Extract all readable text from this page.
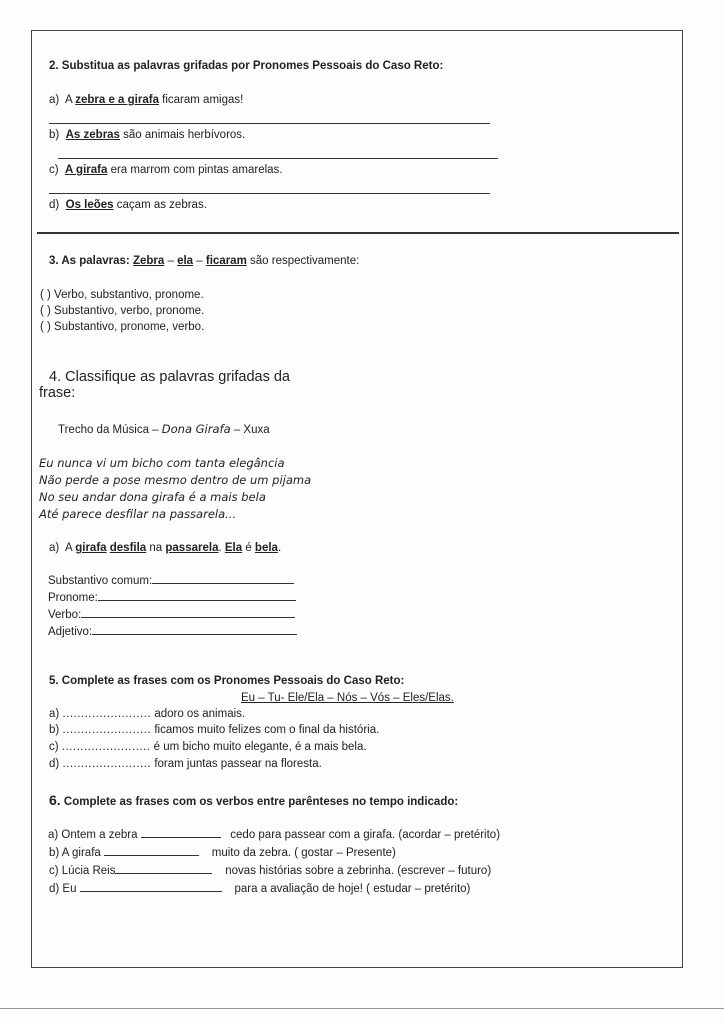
2. Substitua as palavras grifadas por Pronomes Pessoais do Caso Reto:
a) A zebra e a girafa ficaram amigas!
b) As zebras são animais herbívoros.
c) A girafa era marrom com pintas amarelas.
d) Os leões caçam as zebras.
3. As palavras: Zebra – ela – ficaram são respectivamente:
( ) Verbo, substantivo, pronome.
( ) Substantivo, verbo, pronome.
( ) Substantivo, pronome, verbo.
4. Classifique as palavras grifadas da
frase:
Trecho da Música – Dona Girafa – Xuxa
Eu nunca vi um bicho com tanta elegância
Não perde a pose mesmo dentro de um pijama
No seu andar dona girafa é a mais bela
Até parece desfilar na passarela...
a) A girafa desfila na passarela. Ela é bela.
Substantivo comum:
Pronome:
Verbo:
Adjetivo:
5. Complete as frases com os Pronomes Pessoais do Caso Reto:
Eu – Tu- Ele/Ela – Nós – Vós – Eles/Elas.
a) ........................ adoro os animais.
b) ........................ ficamos muito felizes com o final da história.
c) ........................ é um bicho muito elegante, é a mais bela.
d) ........................ foram juntas passear na floresta.
6. Complete as frases com os verbos entre parênteses no tempo indicado:
a) Ontem a zebra	cedo para passear com a girafa. (acordar – pretérito)
b) A girafa	muito da zebra. ( gostar – Presente)
c) Lúcia Reis	novas histórias sobre a zebrinha. (escrever – futuro)
d) Eu	para a avaliação de hoje! ( estudar – pretérito)
